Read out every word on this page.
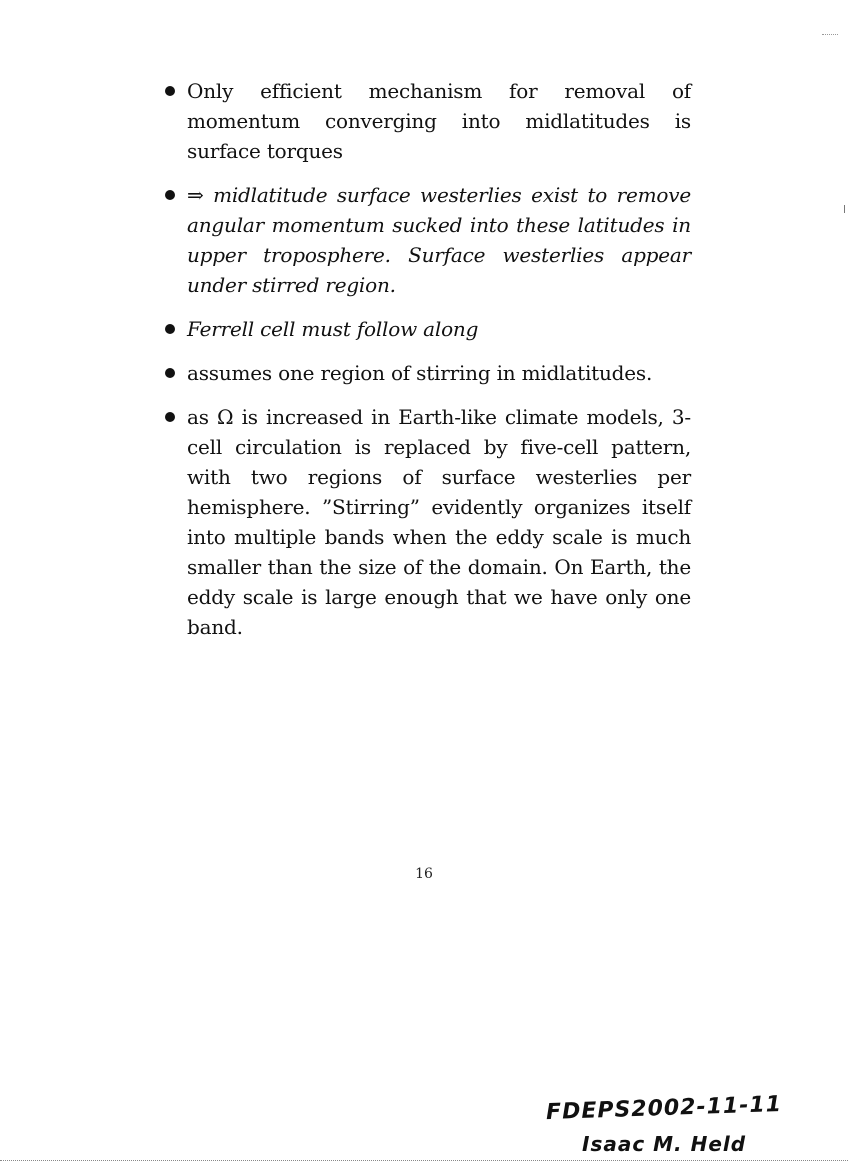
Only efficient mechanism for removal of momentum converging into midlatitudes is surface torques
⇒ midlatitude surface westerlies exist to remove angular momentum sucked into these latitudes in upper troposphere. Surface westerlies appear under stirred region.
Ferrell cell must follow along
assumes one region of stirring in midlatitudes.
as Ω is increased in Earth-like climate models, 3-cell circulation is replaced by five-cell pattern, with two regions of surface westerlies per hemisphere. ”Stirring” evidently organizes itself into multiple bands when the eddy scale is much smaller than the size of the domain. On Earth, the eddy scale is large enough that we have only one band.
16
FDEPS2002-11-11
Isaac M. Held
